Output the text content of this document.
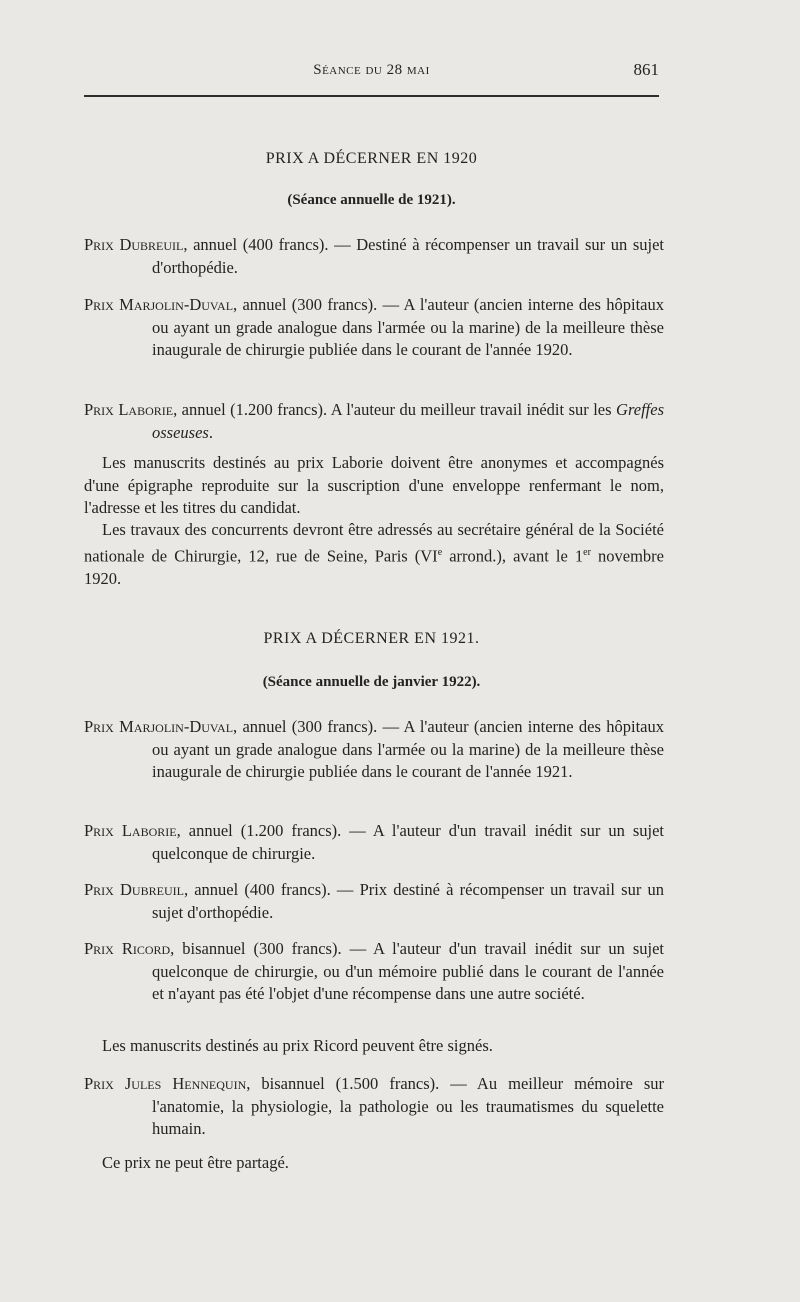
Séance du 28 mai	861
PRIX A DÉCERNER EN 1920
(Séance annuelle de 1921).
Prix Dubreuil, annuel (400 francs). — Destiné à récompenser un travail sur un sujet d'orthopédie.
Prix Marjolin-Duval, annuel (300 francs). — A l'auteur (ancien interne des hôpitaux ou ayant un grade analogue dans l'armée ou la marine) de la meilleure thèse inaugurale de chirurgie publiée dans le courant de l'année 1920.
Prix Laborie, annuel (1.200 francs). A l'auteur du meilleur travail inédit sur les Greffes osseuses.
Les manuscrits destinés au prix Laborie doivent être anonymes et accompagnés d'une épigraphe reproduite sur la suscription d'une enveloppe renfermant le nom, l'adresse et les titres du candidat.
Les travaux des concurrents devront être adressés au secrétaire général de la Société nationale de Chirurgie, 12, rue de Seine, Paris (VIe arrond.), avant le 1er novembre 1920.
PRIX A DÉCERNER EN 1921.
(Séance annuelle de janvier 1922).
Prix Marjolin-Duval, annuel (300 francs). — A l'auteur (ancien interne des hôpitaux ou ayant un grade analogue dans l'armée ou la marine) de la meilleure thèse inaugurale de chirurgie publiée dans le courant de l'année 1921.
Prix Laborie, annuel (1.200 francs). — A l'auteur d'un travail inédit sur un sujet quelconque de chirurgie.
Prix Dubreuil, annuel (400 francs). — Prix destiné à récompenser un travail sur un sujet d'orthopédie.
Prix Ricord, bisannuel (300 francs). — A l'auteur d'un travail inédit sur un sujet quelconque de chirurgie, ou d'un mémoire publié dans le courant de l'année et n'ayant pas été l'objet d'une récompense dans une autre société.
Les manuscrits destinés au prix Ricord peuvent être signés.
Prix Jules Hennequin, bisannuel (1.500 francs). — Au meilleur mémoire sur l'anatomie, la physiologie, la pathologie ou les traumatismes du squelette humain.
Ce prix ne peut être partagé.
